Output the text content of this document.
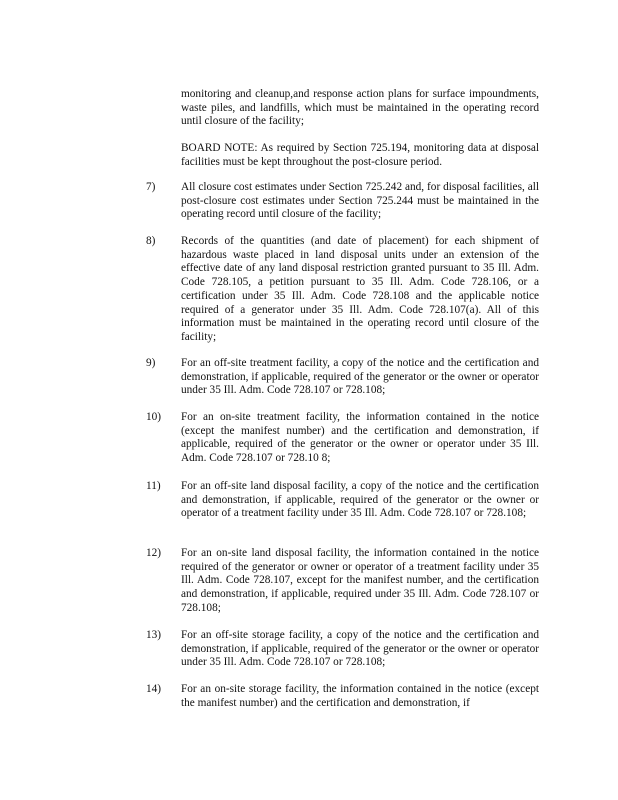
monitoring and cleanup,and response action plans for surface impoundments, waste piles, and landfills, which must be maintained in the operating record until closure of the facility;

BOARD NOTE: As required by Section 725.194, monitoring data at disposal facilities must be kept throughout the post-closure period.

7)	All closure cost estimates under Section 725.242 and, for disposal facilities, all post-closure cost estimates under Section 725.244 must be maintained in the operating record until closure of the facility;

8)	Records of the quantities (and date of placement) for each shipment of hazardous waste placed in land disposal units under an extension of the effective date of any land disposal restriction granted pursuant to 35 Ill. Adm. Code 728.105, a petition pursuant to 35 Ill. Adm. Code 728.106, or a certification under 35 Ill. Adm. Code 728.108 and the applicable notice required of a generator under 35 Ill. Adm. Code 728.107(a). All of this information must be maintained in the operating record until closure of the facility;

9)	For an off-site treatment facility, a copy of the notice and the certification and demonstration, if applicable, required of the generator or the owner or operator under 35 Ill. Adm. Code 728.107 or 728.108;

10)	For an on-site treatment facility, the information contained in the notice (except the manifest number) and the certification and demonstration, if applicable, required of the generator or the owner or operator under 35 Ill. Adm. Code 728.107 or 728.10 8;

11)	For an off-site land disposal facility, a copy of the notice and the certification and demonstration, if applicable, required of the generator or the owner or operator of a treatment facility under 35 Ill. Adm. Code 728.107 or 728.108;

12)	For an on-site land disposal facility, the information contained in the notice required of the generator or owner or operator of a treatment facility under 35 Ill. Adm. Code 728.107, except for the manifest number, and the certification and demonstration, if applicable, required under 35 Ill. Adm. Code 728.107 or 728.108;

13)	For an off-site storage facility, a copy of the notice and the certification and demonstration, if applicable, required of the generator or the owner or operator under 35 Ill. Adm. Code 728.107 or 728.108;

14)	For an on-site storage facility, the information contained in the notice (except the manifest number) and the certification and demonstration, if
